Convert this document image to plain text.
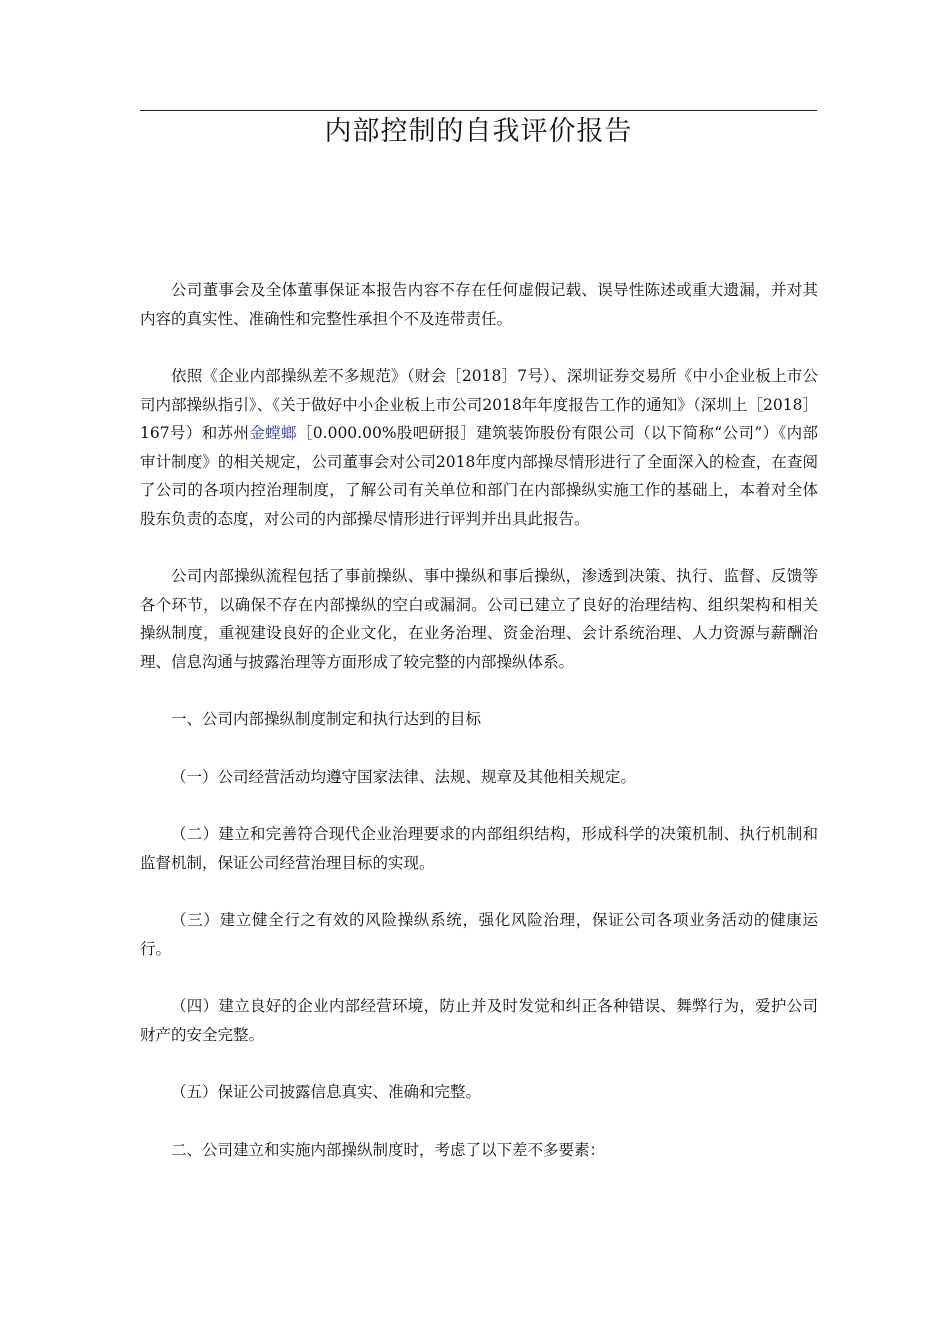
内部控制的自我评价报告

公司董事会及全体董事保证本报告内容不存在任何虚假记载、误导性陈述或重大遗漏，并对其内容的真实性、准确性和完整性承担个不及连带责任。

依照《企业内部操纵差不多规范》（财会［2018］7号）、深圳证券交易所《中小企业板上市公司内部操纵指引》、《关于做好中小企业板上市公司2018年年度报告工作的通知》（深圳上［2018］167号）和苏州金螳螂［0.000.00%股吧研报］建筑装饰股份有限公司（以下简称“公司”）《内部审计制度》的相关规定，公司董事会对公司2018年度内部操尽情形进行了全面深入的检查，在查阅了公司的各项内控治理制度，了解公司有关单位和部门在内部操纵实施工作的基础上，本着对全体股东负责的态度，对公司的内部操尽情形进行评判并出具此报告。

公司内部操纵流程包括了事前操纵、事中操纵和事后操纵，渗透到决策、执行、监督、反馈等各个环节，以确保不存在内部操纵的空白或漏洞。公司已建立了良好的治理结构、组织架构和相关操纵制度，重视建设良好的企业文化，在业务治理、资金治理、会计系统治理、人力资源与薪酬治理、信息沟通与披露治理等方面形成了较完整的内部操纵体系。

一、公司内部操纵制度制定和执行达到的目标

（一）公司经营活动均遵守国家法律、法规、规章及其他相关规定。

（二）建立和完善符合现代企业治理要求的内部组织结构，形成科学的决策机制、执行机制和监督机制，保证公司经营治理目标的实现。

（三）建立健全行之有效的风险操纵系统，强化风险治理，保证公司各项业务活动的健康运行。

（四）建立良好的企业内部经营环境，防止并及时发觉和纠正各种错误、舞弊行为，爱护公司财产的安全完整。

（五）保证公司披露信息真实、准确和完整。

二、公司建立和实施内部操纵制度时，考虑了以下差不多要素：
